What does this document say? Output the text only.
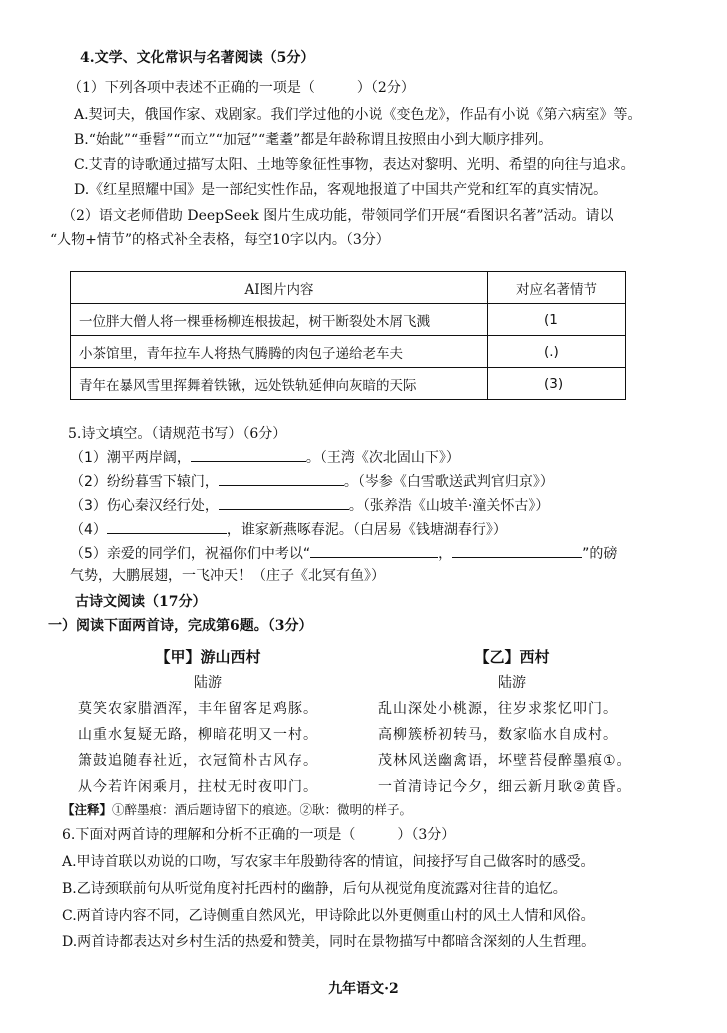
4.文学、文化常识与名著阅读（5分）
（1）下列各项中表述不正确的一项是（	）（2分）
A.契诃夫，俄国作家、戏剧家。我们学过他的小说《变色龙》，作品有小说《第六病室》等。
B.“始龀”“垂髫”“而立”“加冠”“耄耋”都是年龄称谓且按照由小到大顺序排列。
C.艾青的诗歌通过描写太阳、土地等象征性事物，表达对黎明、光明、希望的向往与追求。
D.《红星照耀中国》是一部纪实性作品，客观地报道了中国共产党和红军的真实情况。
（2）语文老师借助 DeepSeek 图片生成功能，带领同学们开展“看图识名著”活动。请以
“人物+情节”的格式补全表格，每空10字以内。（3分）
AI图片内容	对应名著情节
一位胖大僧人将一棵垂杨柳连根拔起，树干断裂处木屑飞溅	(1
小茶馆里，青年拉车人将热气腾腾的肉包子递给老车夫	(.)
青年在暴风雪里挥舞着铁锹，远处铁轨延伸向灰暗的天际	(3)
5.诗文填空。（请规范书写）（6分）
（1）潮平两岸阔，	。（王湾《次北固山下》）
（2）纷纷暮雪下辕门，	。（岑参《白雪歌送武判官归京》）
（3）伤心秦汉经行处，	。（张养浩《山坡羊·潼关怀古》）
（4）	，谁家新燕啄春泥。（白居易《钱塘湖春行》）
（5）亲爱的同学们，祝福你们中考以“	，	”的磅
气势，大鹏展翅，一飞冲天！（庄子《北冥有鱼》）
古诗文阅读（17分）
一）阅读下面两首诗，完成第6题。（3分）
【甲】游山西村
陆游
莫笑农家腊酒浑，丰年留客足鸡豚。
山重水复疑无路，柳暗花明又一村。
箫鼓追随春社近，衣冠简朴古风存。
从今若许闲乘月，拄杖无时夜叩门。
【乙】西村
陆游
乱山深处小桃源，往岁求浆忆叩门。
高柳簇桥初转马，数家临水自成村。
茂林风送幽禽语，坏壁苔侵醉墨痕①。
一首清诗记今夕，细云新月耿②黄昏。
【注释】①醉墨痕：酒后题诗留下的痕迹。②耿：微明的样子。
6.下面对两首诗的理解和分析不正确的一项是（	）（3分）
A.甲诗首联以劝说的口吻，写农家丰年殷勤待客的情谊，间接抒写自己做客时的感受。
B.乙诗颈联前句从听觉角度衬托西村的幽静，后句从视觉角度流露对往昔的追忆。
C.两首诗内容不同，乙诗侧重自然风光，甲诗除此以外更侧重山村的风土人情和风俗。
D.两首诗都表达对乡村生活的热爱和赞美，同时在景物描写中都暗含深刻的人生哲理。
九年语文·2
